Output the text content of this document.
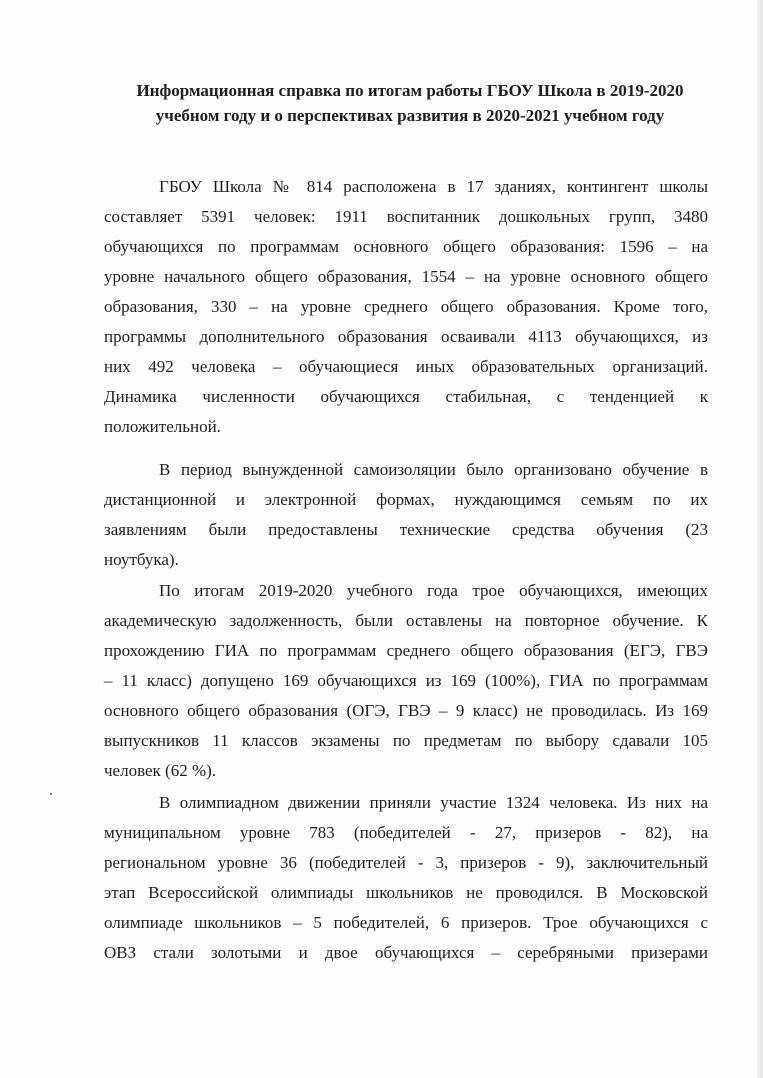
Информационная справка по итогам работы ГБОУ Школа в 2019-2020
учебном году и о перспективах развития в 2020-2021 учебном году
ГБОУ Школа № 814 расположена в 17 зданиях, контингент школы
составляет 5391 человек: 1911 воспитанник дошкольных групп, 3480
обучающихся по программам основного общего образования: 1596 – на
уровне начального общего образования, 1554 – на уровне основного общего
образования, 330 – на уровне среднего общего образования. Кроме того,
программы дополнительного образования осваивали 4113 обучающихся, из
них 492 человека – обучающиеся иных образовательных организаций.
Динамика численности обучающихся стабильная, с тенденцией к
положительной.
В период вынужденной самоизоляции было организовано обучение в
дистанционной и электронной формах, нуждающимся семьям по их
заявлениям были предоставлены технические средства обучения (23
ноутбука).
По итогам 2019-2020 учебного года трое обучающихся, имеющих
академическую задолженность, были оставлены на повторное обучение. К
прохождению ГИА по программам среднего общего образования (ЕГЭ, ГВЭ
– 11 класс) допущено 169 обучающихся из 169 (100%), ГИА по программам
основного общего образования (ОГЭ, ГВЭ – 9 класс) не проводилась. Из 169
выпускников 11 классов экзамены по предметам по выбору сдавали 105
человек (62 %).
В олимпиадном движении приняли участие 1324 человека. Из них на
муниципальном уровне 783 (победителей - 27, призеров - 82), на
региональном уровне 36 (победителей - 3, призеров - 9), заключительный
этап Всероссийской олимпиады школьников не проводился. В Московской
олимпиаде школьников – 5 победителей, 6 призеров. Трое обучающихся с
ОВЗ стали золотыми и двое обучающихся – серебряными призерами
